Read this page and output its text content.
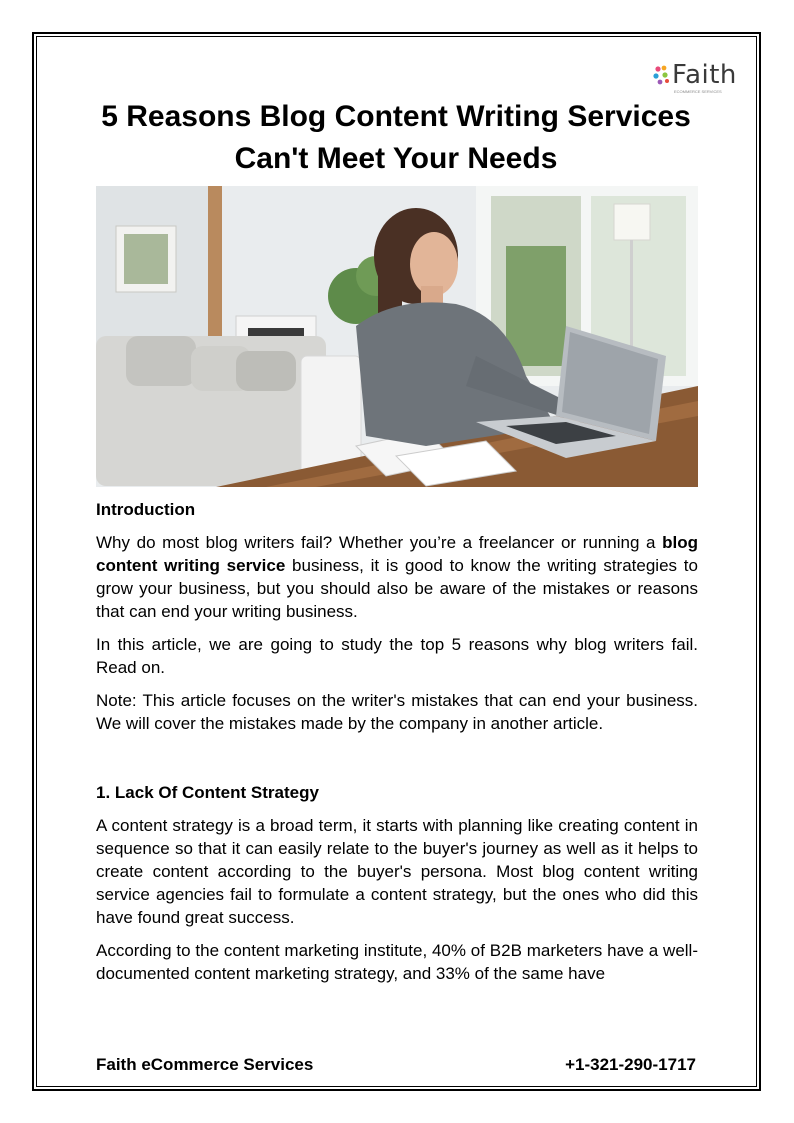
Faith
ECOMMERCE SERVICES
5 Reasons Blog Content Writing Services Can't Meet Your Needs
Introduction

Why do most blog writers fail? Whether you’re a freelancer or running a blog content writing service business, it is good to know the writing strategies to grow your business, but you should also be aware of the mistakes or reasons that can end your writing business.

In this article, we are going to study the top 5 reasons why blog writers fail. Read on.

Note: This article focuses on the writer's mistakes that can end your business. We will cover the mistakes made by the company in another article.

1. Lack Of Content Strategy

A content strategy is a broad term, it starts with planning like creating content in sequence so that it can easily relate to the buyer's journey as well as it helps to create content according to the buyer's persona. Most blog content writing service agencies fail to formulate a content strategy, but the ones who did this have found great success.

According to the content marketing institute, 40% of B2B marketers have a well-documented content marketing strategy, and 33% of the same have

Faith eCommerce Services	+1-321-290-1717
